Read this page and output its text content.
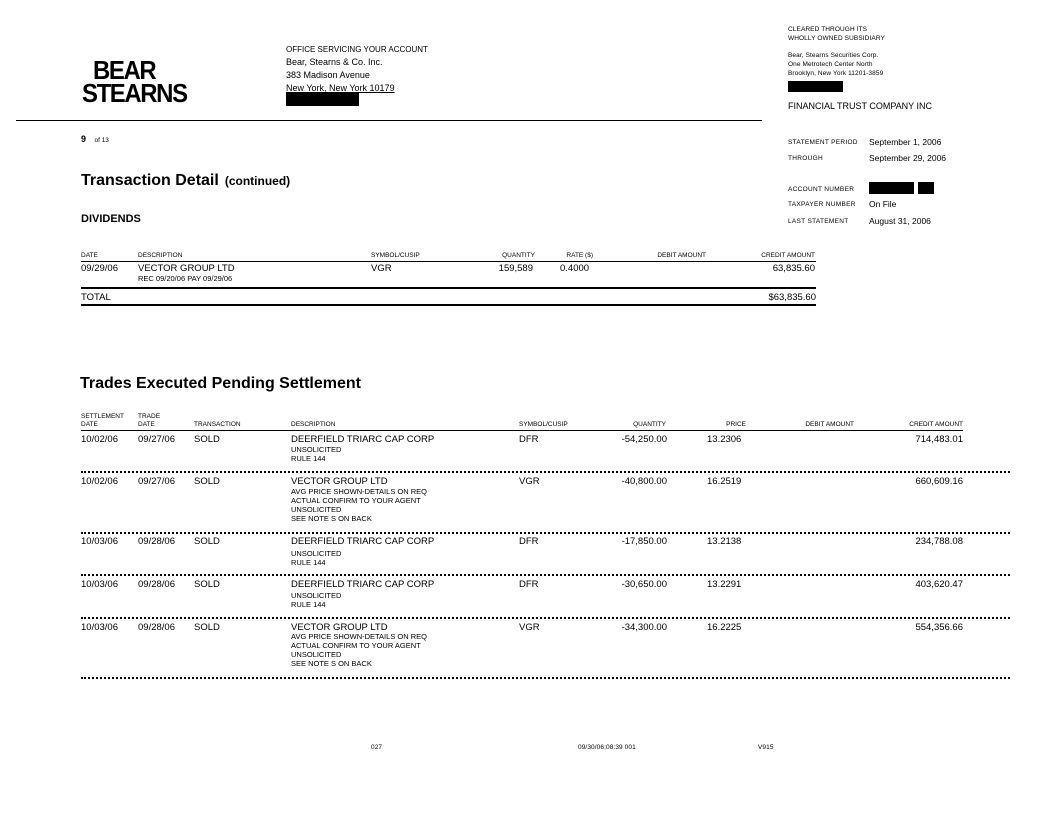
BEAR
STEARNS
OFFICE SERVICING YOUR ACCOUNT
Bear, Stearns & Co. Inc.
383 Madison Avenue
New York, New York 10179
CLEARED THROUGH ITS
WHOLLY OWNED SUBSIDIARY
Bear, Stearns Securities Corp.
One Metrotech Center North
Brooklyn, New York 11201-3859
FINANCIAL TRUST COMPANY INC
9 of 13	STATEMENT PERIOD September 1, 2006
THROUGH	September 29, 2006
ACCOUNT NUMBER
TAXPAYER NUMBER On File
LAST STATEMENT August 31, 2006
Transaction Detail (continued)
DIVIDENDS
DATE	DESCRIPTION	SYMBOL/CUSIP	QUANTITY	RATE ($)	DEBIT AMOUNT	CREDIT AMOUNT
09/29/06 VECTOR GROUP LTD
REC 09/20/06 PAY 09/29/06
VGR	159,589	0.4000	63,835.60
TOTAL	$63,835.60
Trades Executed Pending Settlement
SETTLEMENT
DATE
TRADE
DATE	TRANSACTION	DESCRIPTION	SYMBOL/CUSIP	QUANTITY	PRICE	DEBIT AMOUNT	CREDIT AMOUNT
10/02/06 09/27/06 SOLD	DEERFIELD TRIARC CAP CORP
UNSOLICITED
RULE 144
DFR	-54,250.00	13.2306	714,483.01
10/02/06 09/27/06 SOLD	VECTOR GROUP LTD
AVG PRICE SHOWN-DETAILS ON REQ
ACTUAL CONFIRM TO YOUR AGENT
UNSOLICITED
SEE NOTE S ON BACK
VGR	-40,800.00	16.2519	660,609.16
10/03/06 09/28/06 SOLD	DEERFIELD TRIARC CAP CORP
UNSOLICITED
RULE 144
DFR	-17,850.00	13.2138	234,788.08
10/03/06 09/28/06 SOLD	DEERFIELD TRIARC CAP CORP
UNSOLICITED
RULE 144
DFR	-30,650.00	13.2291	403,620.47
10/03/06 09/28/06 SOLD	VECTOR GROUP LTD
AVG PRICE SHOWN-DETAILS ON REQ
ACTUAL CONFIRM TO YOUR AGENT
UNSOLICITED
SEE NOTE S ON BACK
VGR	-34,300.00	16.2225	554,356.66
027	09/30/06;08:39 001	V915
